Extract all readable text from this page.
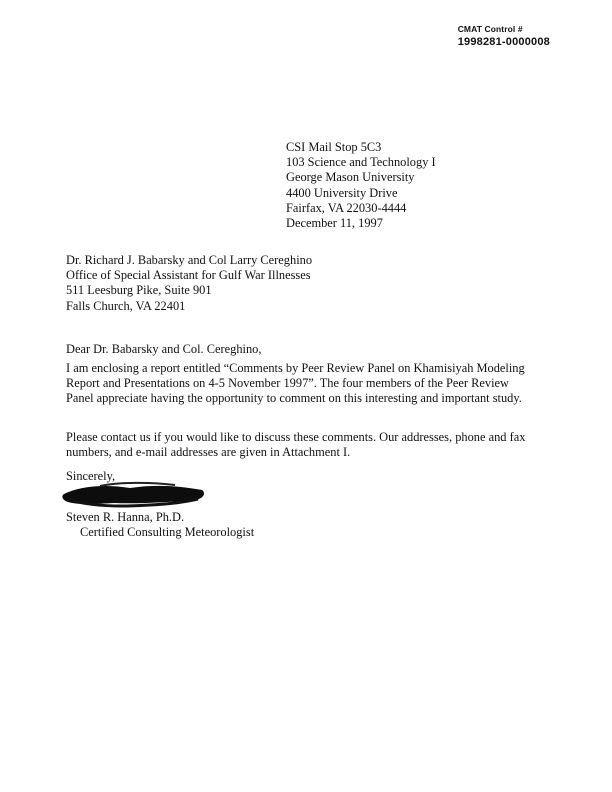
CMAT Control #
1998281-0000008
CSI Mail Stop 5C3
103 Science and Technology I
George Mason University
4400 University Drive
Fairfax, VA 22030-4444
December 11, 1997
Dr. Richard J. Babarsky and Col Larry Cereghino
Office of Special Assistant for Gulf War Illnesses
511 Leesburg Pike, Suite 901
Falls Church, VA 22401
Dear Dr. Babarsky and Col. Cereghino,
I am enclosing a report entitled “Comments by Peer Review Panel on Khamisiyah Modeling Report and Presentations on 4-5 November 1997”. The four members of the Peer Review Panel appreciate having the opportunity to comment on this interesting and important study.
Please contact us if you would like to discuss these comments. Our addresses, phone and fax numbers, and e-mail addresses are given in Attachment I.
Sincerely,
Steven R. Hanna, Ph.D.
Certified Consulting Meteorologist
